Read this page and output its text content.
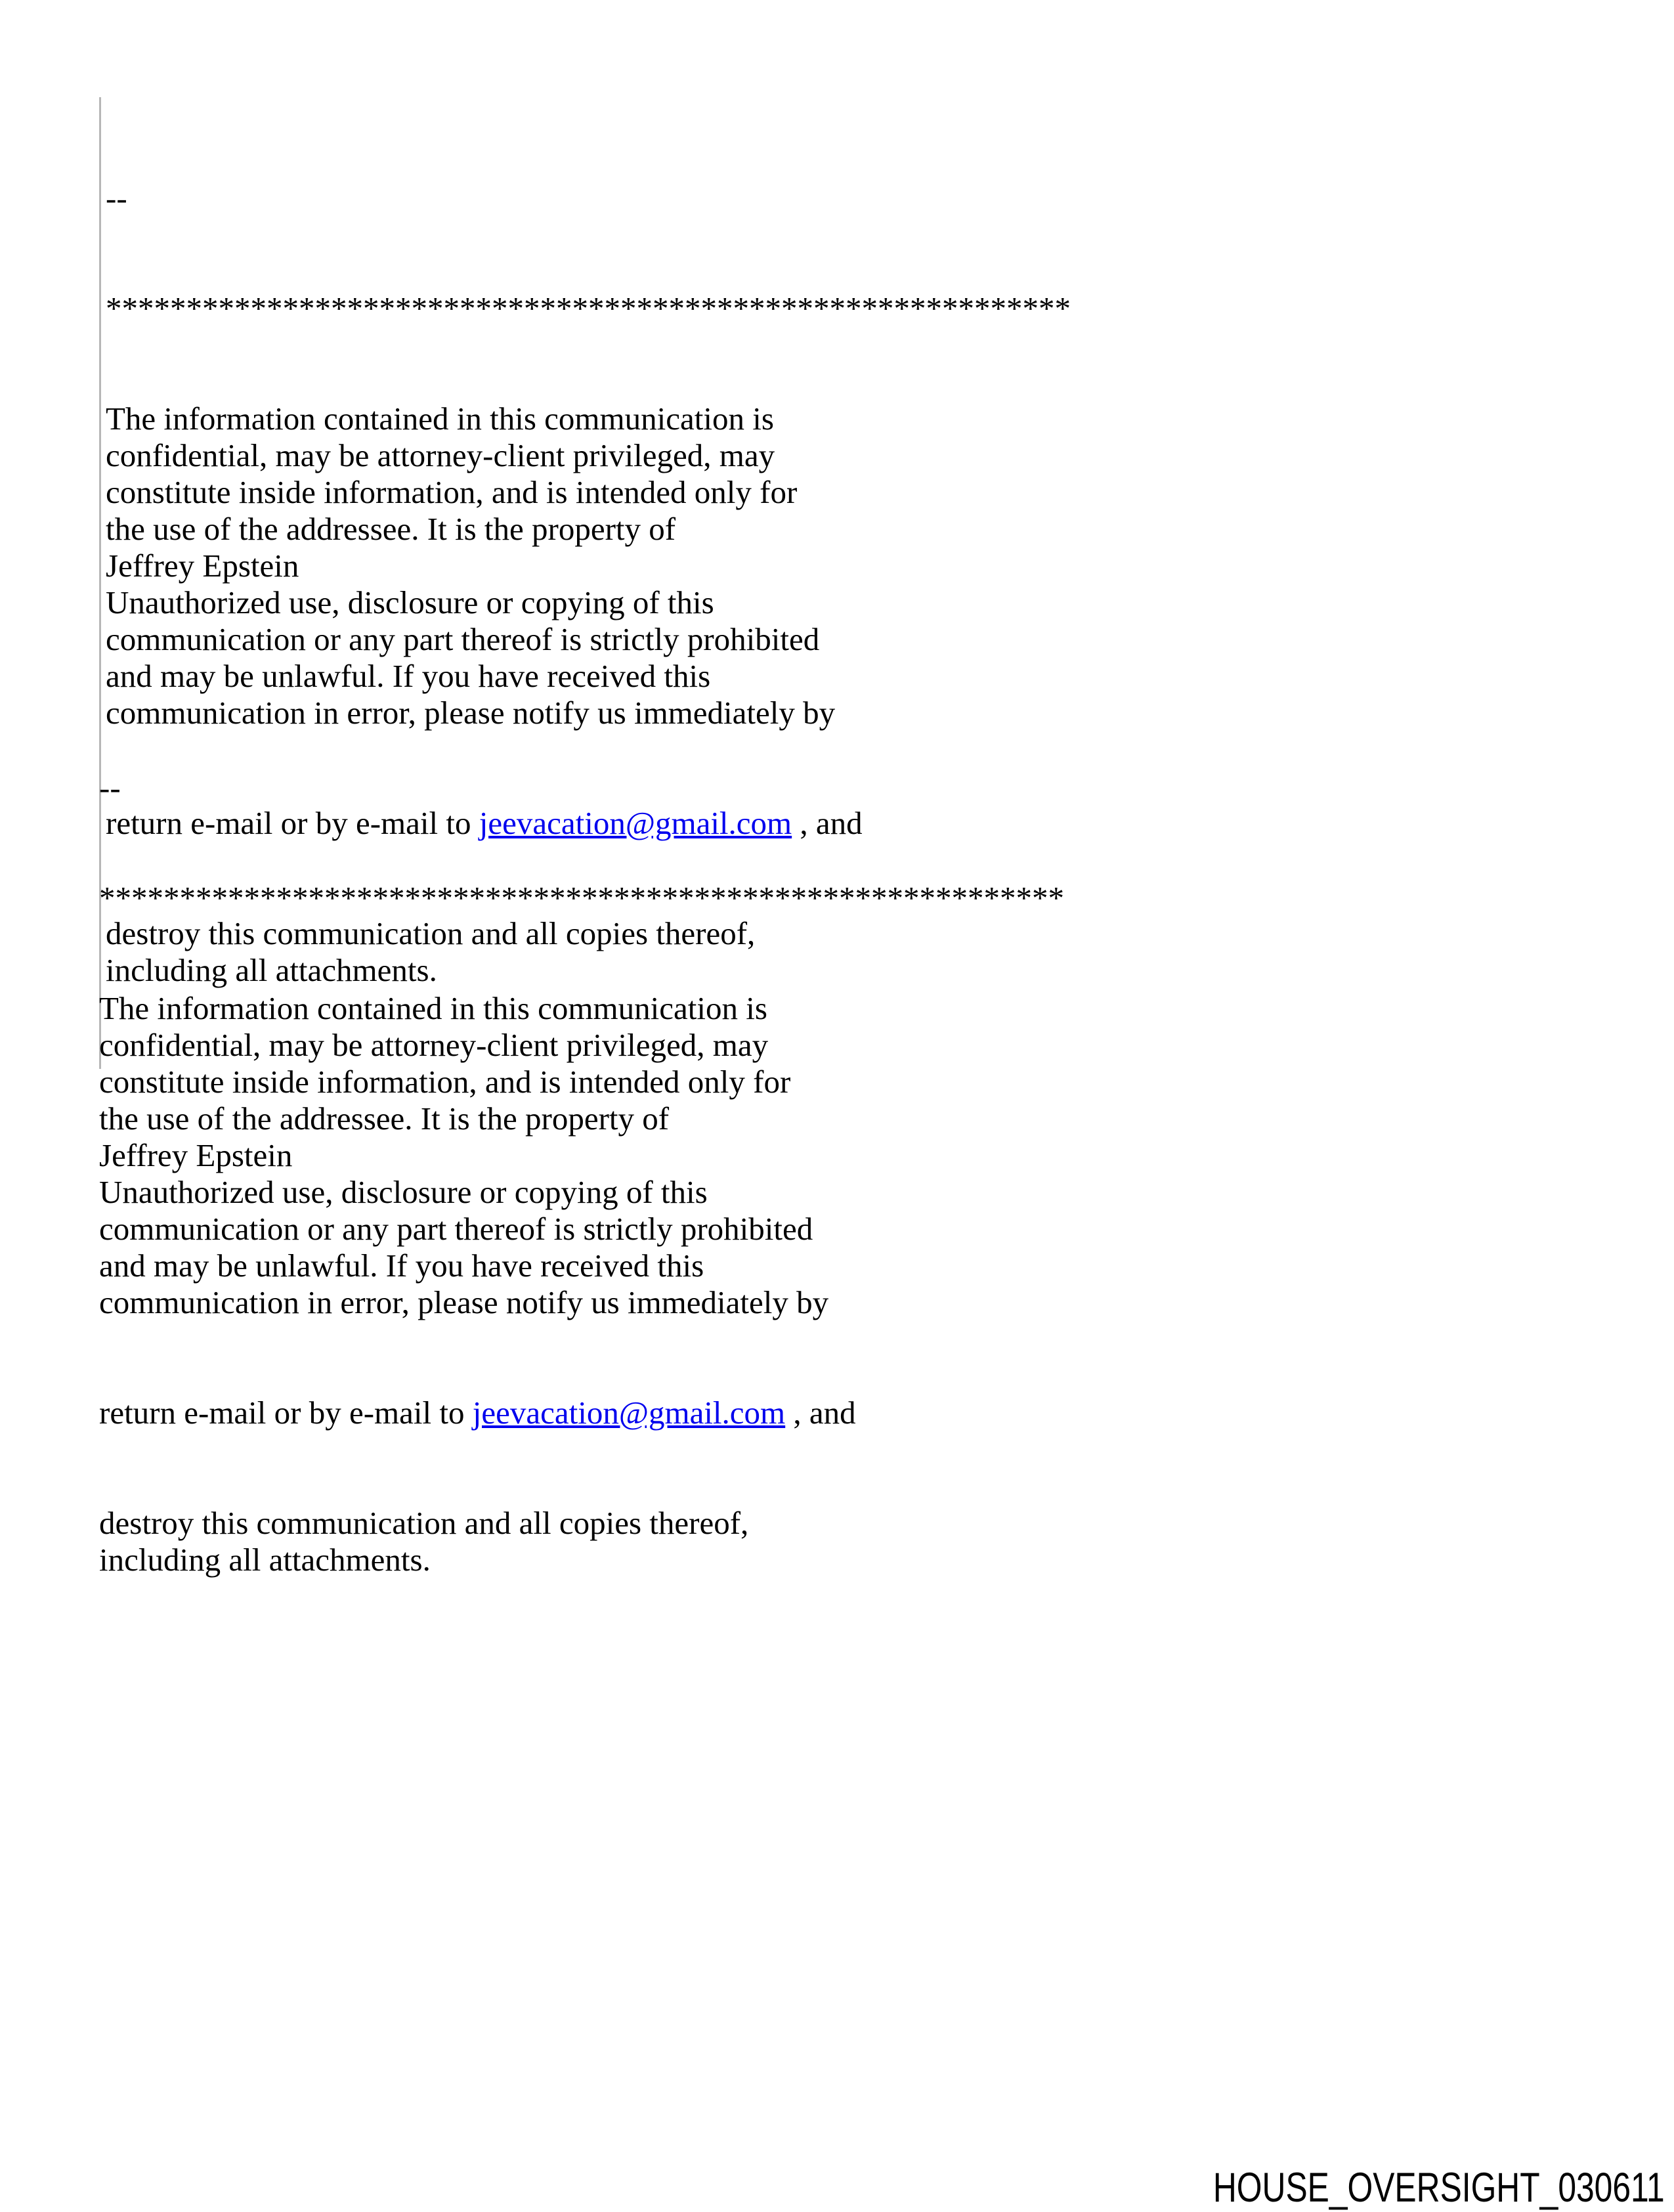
--

************************************************************

The information contained in this communication is
confidential, may be attorney-client privileged, may
constitute inside information, and is intended only for
the use of the addressee. It is the property of
Jeffrey Epstein
Unauthorized use, disclosure or copying of this
communication or any part thereof is strictly prohibited
and may be unlawful. If you have received this
communication in error, please notify us immediately by

return e-mail or by e-mail to jeevacation@gmail.com , and

destroy this communication and all copies thereof,
including all attachments.

--

************************************************************

The information contained in this communication is
confidential, may be attorney-client privileged, may
constitute inside information, and is intended only for
the use of the addressee. It is the property of
Jeffrey Epstein
Unauthorized use, disclosure or copying of this
communication or any part thereof is strictly prohibited
and may be unlawful. If you have received this
communication in error, please notify us immediately by

return e-mail or by e-mail to jeevacation@gmail.com , and

destroy this communication and all copies thereof,
including all attachments.

HOUSE_OVERSIGHT_030611
